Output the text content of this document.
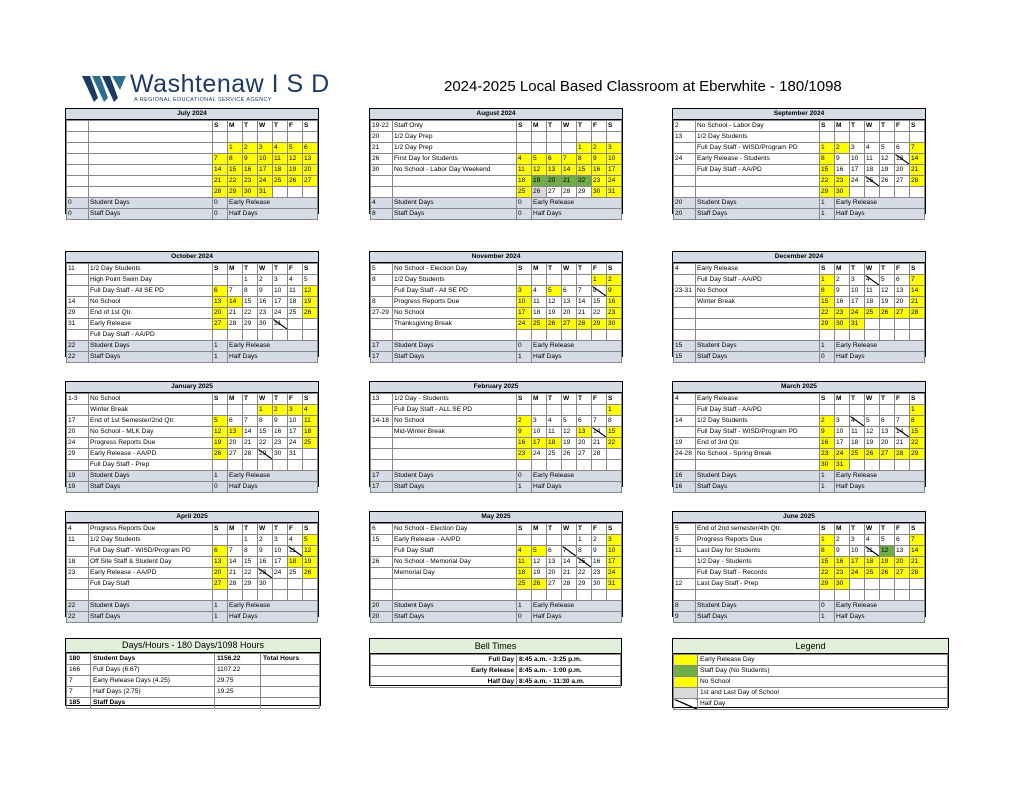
Washtenaw I S D
A REGIONAL EDUCATIONAL SERVICE AGENCY
2024-2025 Local Based Classroom at Eberwhite - 180/1098
July 2024
		S	M	T	W	T	F	S

			1	2	3	4	5	6
		7	8	9	10	11	12	13
		14	15	16	17	18	19	20
		21	22	23	24	25	26	27
		28	29	30	31			
0	Student Days	0	Early Release					
0	Staff Days	0	Half Days					
August 2024
19-22	Staff Only	S	M	T	W	T	F	S
20	1/2 Day Prep							
21	1/2 Day Prep					1	2	3
26	First Day for Students	4	5	6	7	8	9	10
30	No School - Labor Day Weekend	11	12	13	14	15	16	17
		18	19	20	21	22	23	24
		25	26	27	28	29	30	31
4	Student Days	0	Early Release					
8	Staff Days	0	Half Days					
September 2024
2	No School - Labor Day	S	M	T	W	T	F	S
13	1/2 Day Students							
	Full Day Staff - WISD/Program PD	1	2	3	4	5	6	7
24	Early Release - Students	8	9	10	11	12	13	14
	Full Day Staff - AA/PD	15	16	17	18	19	20	21
		22	23	24	25	26	27	28
		29	30					
20	Student Days	1	Early Release					
20	Staff Days	1	Half Days					
October 2024
11	1/2 Day Students	S	M	T	W	T	F	S
	High Point Swim Day			1	2	3	4	5
	Full Day Staff - All SE PD	6	7	8	9	10	11	12
14	No School	13	14	15	16	17	18	19
29	End of 1st Qtr.	20	21	22	23	24	25	26
31	Early Release	27	28	29	30	31		
	Full Day Staff - AA/PD							
22	Student Days	1	Early Release					
22	Staff Days	1	Half Days					
November 2024
5	No School - Election Day	S	M	T	W	T	F	S
8	1/2 Day Students						1	2
	Full Day Staff - All SE PD	3	4	5	6	7	8	9
8	Progress Reports Due	10	11	12	13	14	15	16
27-29	No School	17	18	19	20	21	22	23
	Thanksgiving Break	24	25	26	27	28	29	30

17	Student Days	0	Early Release					
17	Staff Days	1	Half Days					
December 2024
4	Early Release	S	M	T	W	T	F	S
	Full Day Staff - AA/PD	1	2	3	4	5	6	7
23-31	No School	8	9	10	11	12	13	14
	Winter Break	15	16	17	18	19	20	21
		22	23	24	25	26	27	28
		29	30	31				

15	Student Days	1	Early Release					
15	Staff Days	0	Half Days					
January 2025
1-3	No School	S	M	T	W	T	F	S
	Winter Break				1	2	3	4
17	End of 1st Semester/2nd Qtr.	5	6	7	8	9	10	11
20	No School - MLK Day	12	13	14	15	16	17	18
24	Progress Reports Due	19	20	21	22	23	24	25
29	Early Release - AA/PD	26	27	28	29	30	31	
	Full Day Staff - Prep							
19	Student Days	1	Early Release					
19	Staff Days	0	Half Days					
February 2025
13	1/2 Day - Students	S	M	T	W	T	F	S
	Full Day Staff - ALL SE PD							1
14-18	No School	2	3	4	5	6	7	8
	Mid-Winter Break	9	10	11	12	13	14	15
		16	17	18	19	20	21	22
		23	24	25	26	27	28	

17	Student Days	0	Early Release					
17	Staff Days	1	Half Days					
March 2025
4	Early Release	S	M	T	W	T	F	S
	Full Day Staff - AA/PD							1
14	1/2 Day Students	2	3	4	5	6	7	8
	Full Day Staff - WISD/Program PD	9	10	11	12	13	14	15
19	End of 3rd Qtr.	16	17	18	19	20	21	22
24-28	No School - Spring Break	23	24	25	26	27	28	29
		30	31					
16	Student Days	1	Early Release					
16	Staff Days	1	Half Days					
April 2025
4	Progress Reports Due	S	M	T	W	T	F	S
11	1/2 Day Students			1	2	3	4	5
	Full Day Staff - WISD/Program PD	6	7	8	9	10	11	12
18	Off Site Staff & Student Day	13	14	15	16	17	18	19
23	Early Release - AA/PD	20	21	22	23	24	25	26
	Full Day Staff	27	28	29	30			

22	Student Days	1	Early Release					
22	Staff Days	1	Half Days					
May 2025
6	No School - Election Day	S	M	T	W	T	F	S
15	Early Release - AA/PD					1	2	3
	Full Day Staff	4	5	6	7	8	9	10
26	No School - Memorial Day	11	12	13	14	15	16	17
	Memorial Day	18	19	20	21	22	23	24
		25	26	27	28	29	30	31

20	Student Days	1	Early Release					
20	Staff Days	0	Half Days					
June 2025
5	End of 2nd semester/4th Qtr.	S	M	T	W	T	F	S
5	Progress Reports Due	1	2	3	4	5	6	7
11	Last Day for Students	8	9	10	11	12	13	14
	1/2 Day - Students	15	16	17	18	19	20	21
	Full Day Staff - Records	22	23	24	25	26	27	28
12	Last Day Staff - Prep	29	30					

8	Student Days	0	Early Release					
9	Staff Days	1	Half Days					
Days/Hours - 180 Days/1098 Hours
180	Student Days	1156.22	Total Hours
166	Full Days (6.67)	1107.22	
7	Early Release Days (4.25)	29.75	
7	Half Days (2.75)	19.25	
185	Staff Days		
Bell Times
Full Day	8:45 a.m. - 3:25 p.m.
Early Release	8:45 a.m. - 1:00 p.m.
Half Day	8:45 a.m. - 11:30 a.m.
Legend
	Early Release Day
	Staff Day (No Students)
	No School
	1st and Last Day of School
	Half Day
